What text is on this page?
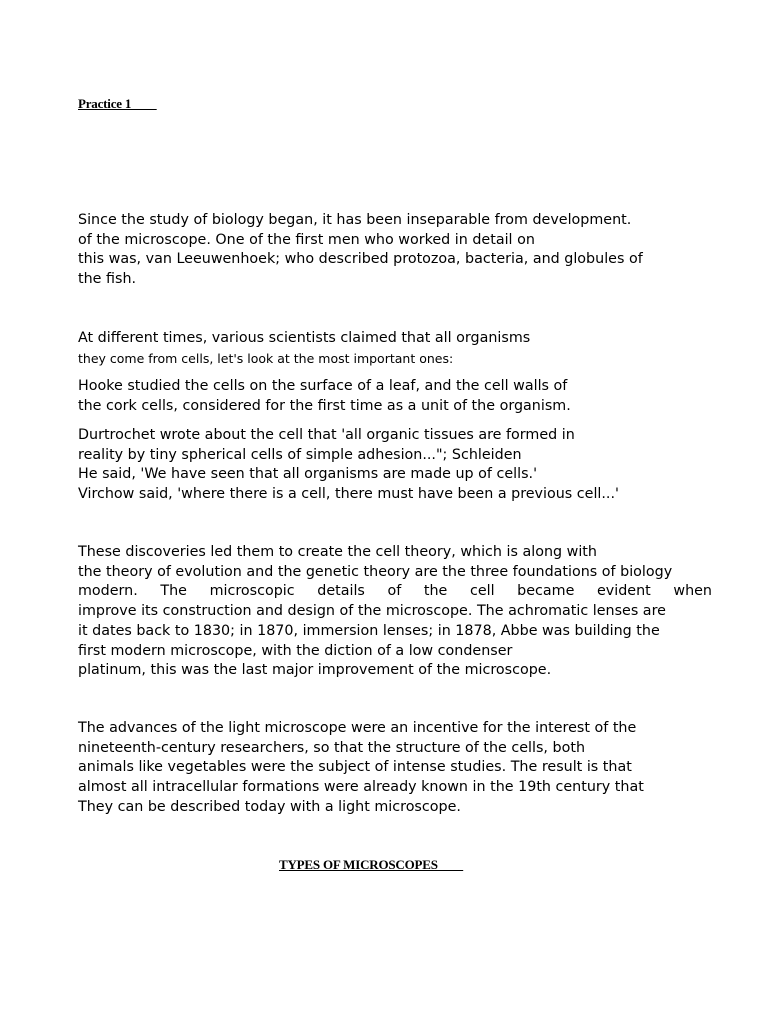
Practice 1____
Since the study of biology began, it has been inseparable from development.
of the microscope. One of the first men who worked in detail on
this was, van Leeuwenhoek; who described protozoa, bacteria, and globules of
the fish.
At different times, various scientists claimed that all organisms
they come from cells, let's look at the most important ones:
Hooke studied the cells on the surface of a leaf, and the cell walls of
the cork cells, considered for the first time as a unit of the organism.
Durtrochet wrote about the cell that 'all organic tissues are formed in
reality by tiny spherical cells of simple adhesion..."; Schleiden
He said, 'We have seen that all organisms are made up of cells.'
Virchow said, 'where there is a cell, there must have been a previous cell...'
These discoveries led them to create the cell theory, which is along with
the theory of evolution and the genetic theory are the three foundations of biology
modern. The microscopic details of the cell became evident when
improve its construction and design of the microscope. The achromatic lenses are
it dates back to 1830; in 1870, immersion lenses; in 1878, Abbe was building the
first modern microscope, with the diction of a low condenser
platinum, this was the last major improvement of the microscope.
The advances of the light microscope were an incentive for the interest of the
nineteenth-century researchers, so that the structure of the cells, both
animals like vegetables were the subject of intense studies. The result is that
almost all intracellular formations were already known in the 19th century that
They can be described today with a light microscope.
TYPES OF MICROSCOPES____
